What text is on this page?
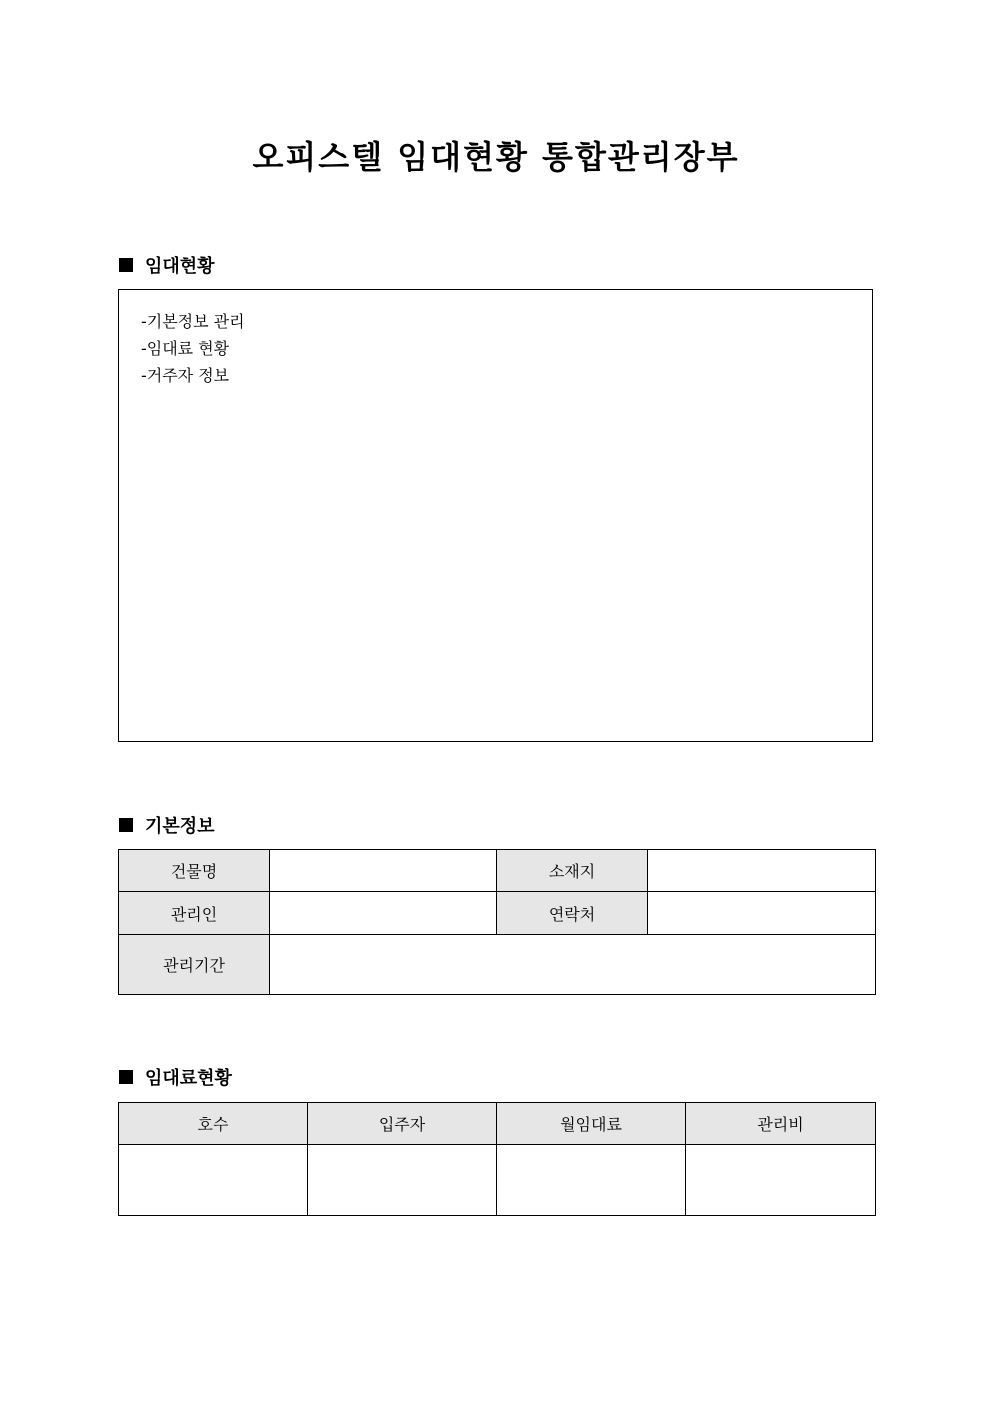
오피스텔 임대현황 통합관리장부
임대현황
-기본정보 관리
-임대료 현황
-거주자 정보
기본정보
건물명		소재지	
관리인		연락처	
관리기간			
임대료현황
호수	입주자	월임대료	관리비
